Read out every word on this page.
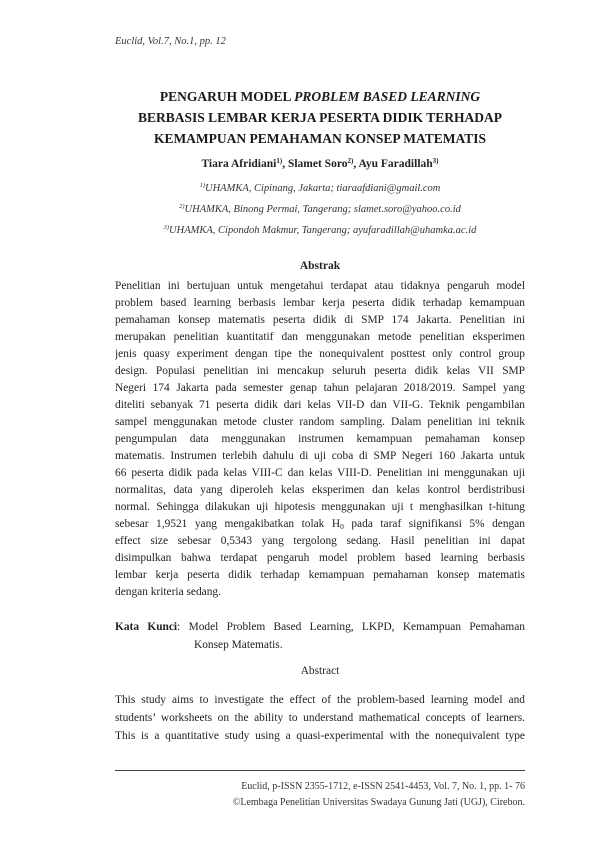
Euclid, Vol.7, No.1, pp. 12
PENGARUH MODEL PROBLEM BASED LEARNING
BERBASIS LEMBAR KERJA PESERTA DIDIK TERHADAP
KEMAMPUAN PEMAHAMAN KONSEP MATEMATIS
Tiara Afridiani$^{1)}$, Slamet Soro$^{2)}$, Ayu Faradillah$^{3)}$
$^{1)}$UHAMKA, Cipinang, Jakarta; tiaraafdiani@gmail.com
$^{2)}$UHAMKA, Binong Permai, Tangerang; slamet.soro@yahoo.co.id
$^{3)}$UHAMKA, Cipondoh Makmur, Tangerang; ayufaradillah@uhamka.ac.id
Abstrak
Penelitian ini bertujuan untuk mengetahui terdapat atau tidaknya pengaruh model
problem based learning berbasis lembar kerja peserta didik terhadap kemampuan
pemahaman konsep matematis peserta didik di SMP 174 Jakarta. Penelitian ini
merupakan penelitian kuantitatif dan menggunakan metode penelitian eksperimen
jenis quasy experiment dengan tipe the nonequivalent posttest only control group
design. Populasi penelitian ini mencakup seluruh peserta didik kelas VII SMP
Negeri 174 Jakarta pada semester genap tahun pelajaran 2018/2019. Sampel yang
diteliti sebanyak 71 peserta didik dari kelas VII-D dan VII-G. Teknik pengambilan
sampel menggunakan metode cluster random sampling. Dalam penelitian ini teknik
pengumpulan data menggunakan instrumen kemampuan pemahaman konsep
matematis. Instrumen terlebih dahulu di uji coba di SMP Negeri 160 Jakarta untuk
66 peserta didik pada kelas VIII-C dan kelas VIII-D. Penelitian ini menggunakan uji
normalitas, data yang diperoleh kelas eksperimen dan kelas kontrol berdistribusi
normal. Sehingga dilakukan uji hipotesis menggunakan uji t menghasilkan t-hitung
sebesar 1,9521 yang mengakibatkan tolak $H_0$ pada taraf signifikansi 5% dengan
effect size sebesar 0,5343 yang tergolong sedang. Hasil penelitian ini dapat
disimpulkan bahwa terdapat pengaruh model problem based learning berbasis
lembar kerja peserta didik terhadap kemampuan pemahaman konsep matematis
dengan kriteria sedang.
Kata Kunci: Model Problem Based Learning, LKPD, Kemampuan Pemahaman
Konsep Matematis.
Abstract
This study aims to investigate the effect of the problem-based learning model and
students’ worksheets on the ability to understand mathematical concepts of learners.
This is a quantitative study using a quasi-experimental with the nonequivalent type
Euclid, p-ISSN 2355-1712, e-ISSN 2541-4453, Vol. 7, No. 1, pp. 1- 76
©Lembaga Penelitian Universitas Swadaya Gunung Jati (UGJ), Cirebon.
